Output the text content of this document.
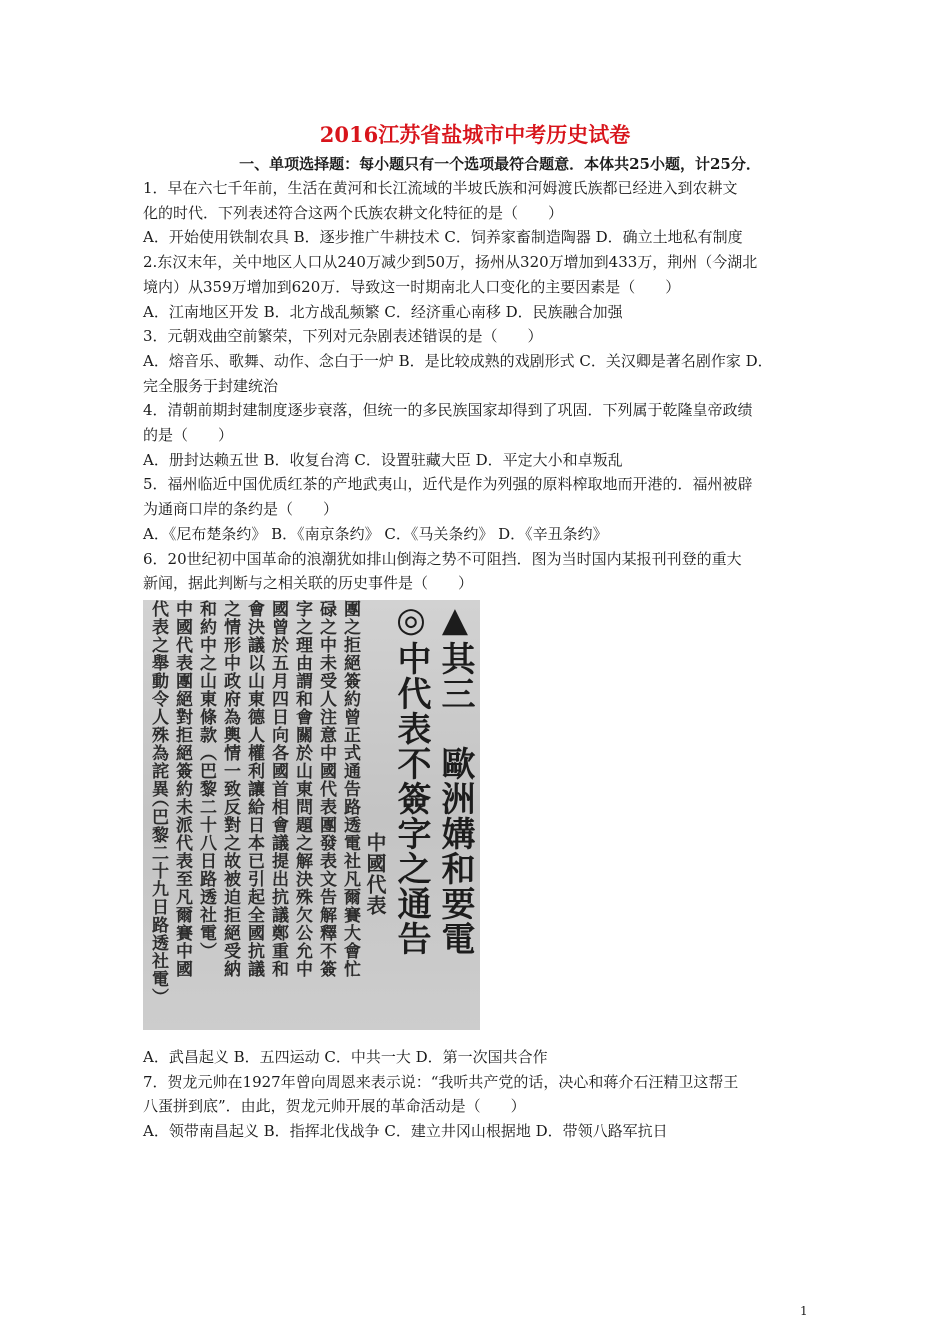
2016江苏省盐城市中考历史试卷
一、单项选择题：每小题只有一个选项最符合题意．本体共25小题，计25分．
1．早在六七千年前，生活在黄河和长江流域的半坡氏族和河姆渡氏族都已经进入到农耕文
化的时代．下列表述符合这两个氏族农耕文化特征的是（　　）
A．开始使用铁制农具 B．逐步推广牛耕技术 C．饲养家畜制造陶器 D．确立土地私有制度
2.东汉末年，关中地区人口从240万减少到50万，扬州从320万增加到433万，荆州（今湖北
境内）从359万增加到620万．导致这一时期南北人口变化的主要因素是（　　）
A．江南地区开发 B．北方战乱频繁 C．经济重心南移 D．民族融合加强
3．元朝戏曲空前繁荣，下列对元杂剧表述错误的是（　　）
A．熔音乐、歌舞、动作、念白于一炉 B．是比较成熟的戏剧形式 C．关汉卿是著名剧作家 D．
完全服务于封建统治
4．清朝前期封建制度逐步衰落，但统一的多民族国家却得到了巩固．下列属于乾隆皇帝政绩
的是（　　）
A．册封达赖五世 B．收复台湾 C．设置驻藏大臣 D．平定大小和卓叛乱
5．福州临近中国优质红茶的产地武夷山，近代是作为列强的原料榨取地而开港的．福州被辟
为通商口岸的条约是（　　）
A．《尼布楚条约》 B．《南京条约》 C．《马关条约》 D．《辛丑条约》
6．20世纪初中国革命的浪潮犹如排山倒海之势不可阻挡．图为当时国内某报刊刊登的重大
新闻，据此判断与之相关联的历史事件是（　　）
▲其三　歐洲媾和要電
◎中代表不簽字之通告
中國代表
團之拒絕簽約曾正式通告路透電社凡爾賽大會忙
碌之中未受人注意中國代表團發表文告解釋不簽
字之理由謂和會關於山東問題之解決殊欠公允中
國曾於五月四日向各國首相會議提出抗議鄭重和
會決議以山東德人權利讓給日本已引起全國抗議
之情形中政府為輿情一致反對之故被迫拒絕受納
和約中之山東條款（巴黎二十八日路透社電）
中國代表團絕對拒絕簽約未派代表至凡爾賽中國
代表之舉動令人殊為詫異
（巴黎二十九日路透社電）
A．武昌起义 B．五四运动 C．中共一大 D．第一次国共合作
7．贺龙元帅在1927年曾向周恩来表示说：“我听共产党的话，决心和蒋介石汪精卫这帮王
八蛋拼到底”．由此，贺龙元帅开展的革命活动是（　　）
A．领带南昌起义 B．指挥北伐战争 C．建立井冈山根据地 D．带领八路军抗日
1
